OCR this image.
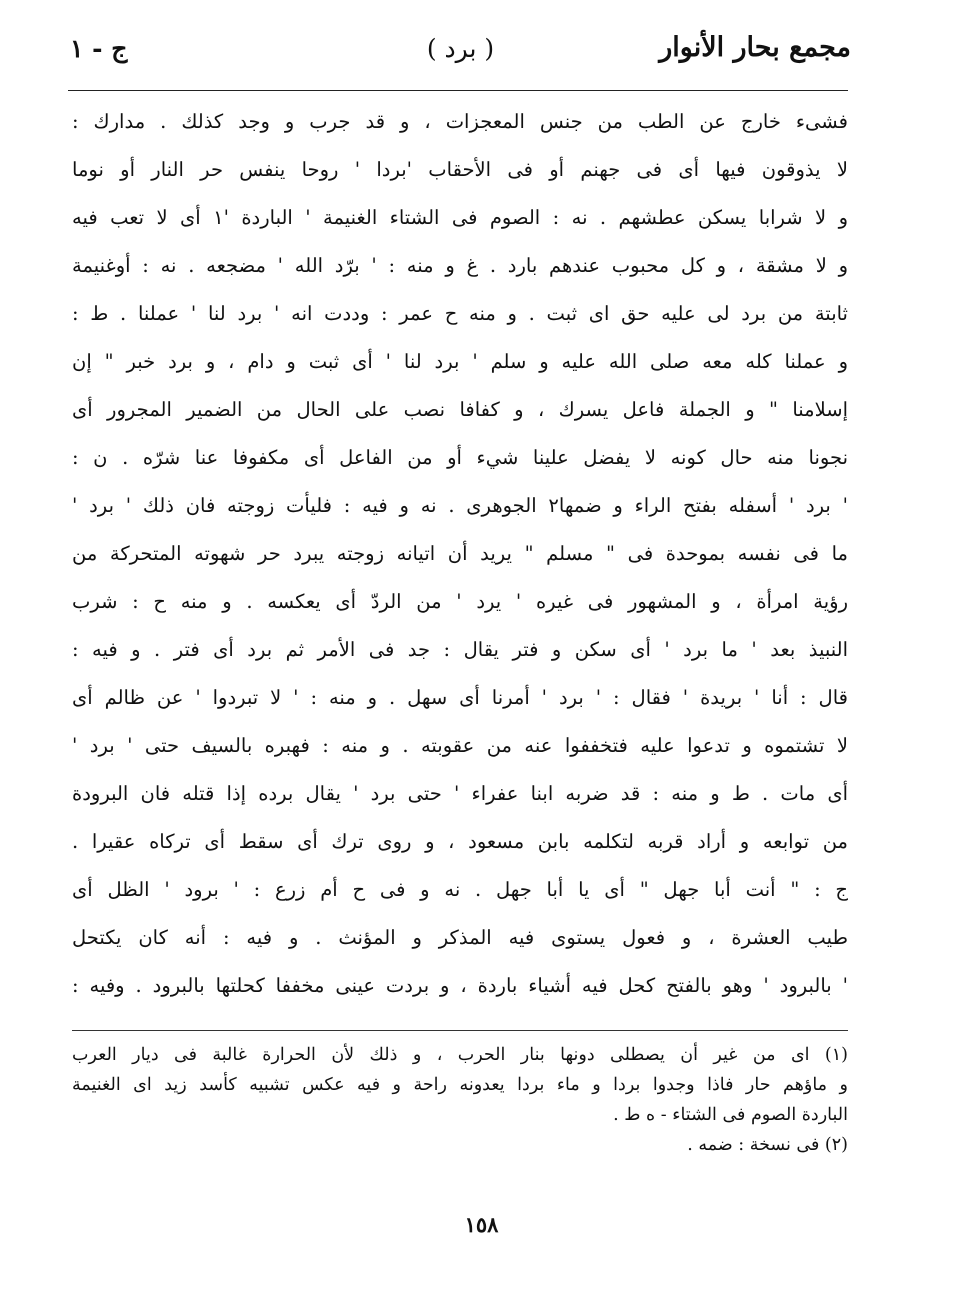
مجمع بحار الأنوار
( برد )
ج - ١
فشىء خارج عن الطب من جنس المعجزات ، و قد جرب و وجد كذلك . مدارك :
لا يذوقون فيها أى فى جهنم أو فى الأحقاب 'بردا ' روحا ينفس حر النار أو نوما
و لا شرابا يسكن عطشهم . نه : الصوم فى الشتاء الغنيمة ' الباردة '١ أى لا تعب فيه
و لا مشقة ، و كل محبوب عندهم بارد . غ و منه : ' برّد الله ' مضجعه . نه : أوغنيمة
ثابتة من برد لى عليه حق اى ثبت . و منه ح عمر : وددت انه ' برد لنا ' عملنا . ط :
و عملنا كله معه صلى الله عليه و سلم ' برد لنا ' أى ثبت و دام ، و برد خبر " إن
إسلامنا " و الجملة فاعل يسرك ، و كفافا نصب على الحال من الضمير المجرور أى
نجونا منه حال كونه لا يفضل علينا شيء أو من الفاعل أى مكفوفا عنا شرّه . ن :
' برد ' أسفله بفتح الراء و ضمها٢ الجوهرى . نه و فيه : فليأت زوجته فان ذلك ' برد '
ما فى نفسه بموحدة فى " مسلم " يريد أن اتيانه زوجته يبرد حر شهوته المتحركة من
رؤية امرأة ، و المشهور فى غيره ' يرد ' من الردّ أى يعكسه . و منه ح : شرب
النبيذ بعد ' ما برد ' أى سكن و فتر يقال : جد فى الأمر ثم برد أى فتر . و فيه :
قال : أنا ' بريدة ' فقال : ' برد ' أمرنا أى سهل . و منه : ' لا تبردوا ' عن ظالم أى
لا تشتموه و تدعوا عليه فتخففوا عنه من عقوبته . و منه : فهبره بالسيف حتى ' برد '
أى مات . ط و منه : قد ضربه ابنا عفراء ' حتى برد ' يقال برده إذا قتله فان البرودة
من توابعه و أراد قربه لتكلمه بابن مسعود ، و روى ترك أى سقط أى تركاه عقيرا .
ج : " أنت أبا جهل " أى يا أبا جهل . نه و فى ح أم زرع : ' برود ' الظل أى
طيب العشرة ، و فعول يستوى فيه المذكر و المؤنث . و فيه : أنه كان يكتحل
' بالبرود ' وهو بالفتح كحل فيه أشياء باردة ، و بردت عينى مخففا كحلتها بالبرود . وفيه :
(١) اى من غير أن يصطلى دونها بنار الحرب ، و ذلك لأن الحرارة غالبة فى ديار العرب
و ماؤهم حار فاذا وجدوا بردا و ماء بردا يعدونه راحة و فيه عكس تشبيه كأسد زيد اى الغنيمة
الباردة الصوم فى الشتاء - ه ط .
(٢) فى نسخة : ضمه .
١٥٨
